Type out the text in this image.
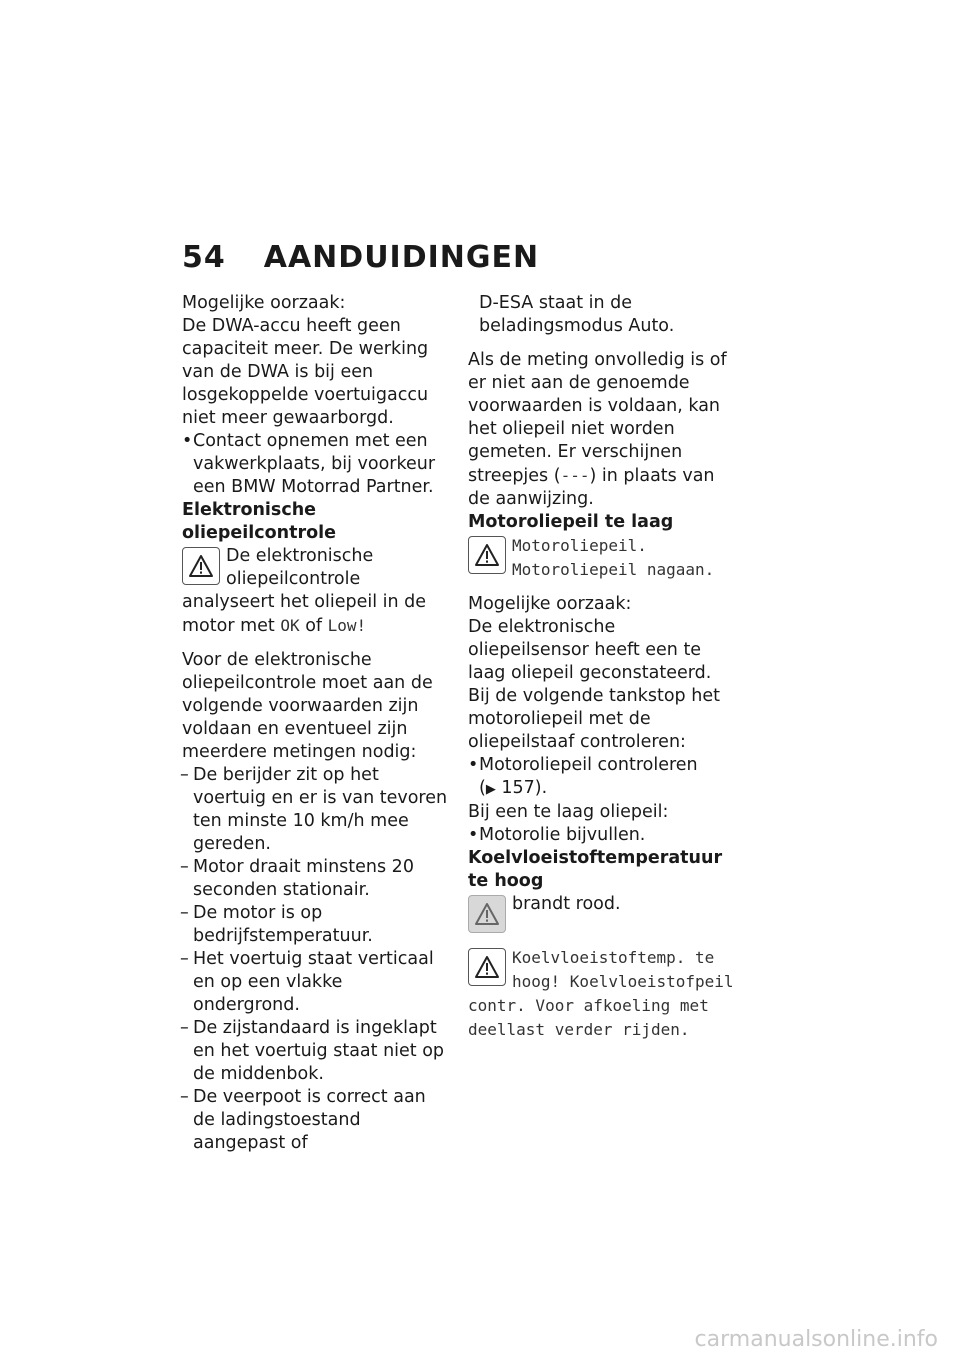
54 AANDUIDINGEN

Mogelijke oorzaak:

De DWA-accu heeft geen capaciteit meer. De werking van de DWA is bij een losgekoppelde voertuigaccu niet meer gewaarborgd.

• Contact opnemen met een vakwerkplaats, bij voorkeur een BMW Motorrad Partner.

Elektronische oliepeilcontrole

De elektronische oliepeilcontrole analyseert het oliepeil in de motor met OK of Low!

Voor de elektronische oliepeilcontrole moet aan de volgende voorwaarden zijn voldaan en eventueel zijn meerdere metingen nodig:

– De berijder zit op het voertuig en er is van tevoren ten minste 10 km/h mee gereden.
– Motor draait minstens 20 seconden stationair.
– De motor is op bedrijfstemperatuur.
– Het voertuig staat verticaal en op een vlakke ondergrond.
– De zijstandaard is ingeklapt en het voertuig staat niet op de middenbok.
– De veerpoot is correct aan de ladingstoestand aangepast of
D-ESA staat in de beladingsmodus Auto.

Als de meting onvolledig is of er niet aan de genoemde voorwaarden is voldaan, kan het oliepeil niet worden gemeten. Er verschijnen streepjes (---) in plaats van de aanwijzing.

Motoroliepeil te laag

Motoroliepeil. Motoroliepeil nagaan.

Mogelijke oorzaak:

De elektronische oliepeilsensor heeft een te laag oliepeil geconstateerd. Bij de volgende tankstop het motoroliepeil met de oliepeilstaaf controleren:

• Motoroliepeil controleren
(▶ 157).

Bij een te laag oliepeil:

• Motorolie bijvullen.

Koelvloeistoftemperatuur te hoog

brandt rood.
Koelvloeistoftemp. te hoog! Koelvloeistofpeil contr. Voor afkoeling met deellast verder rijden.
carmanualsonline.info
